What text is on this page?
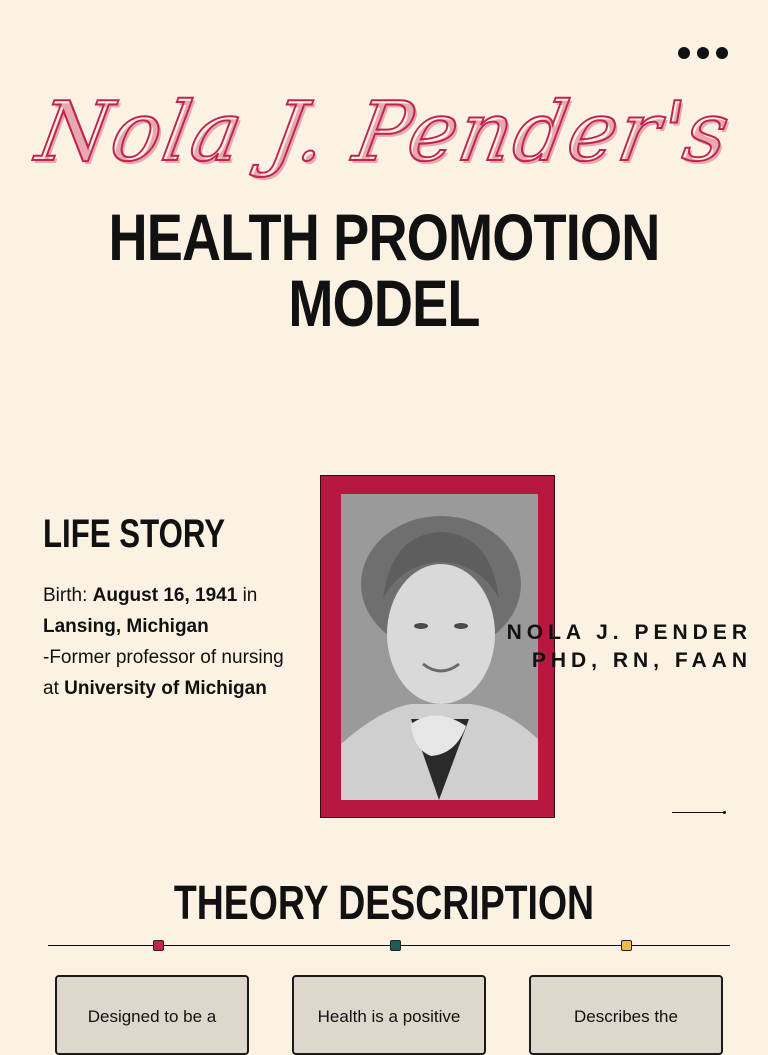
Nola J. Pender's
HEALTH PROMOTION MODEL
LIFE STORY
Birth: August 16, 1941 in
Lansing, Michigan
-Former professor of nursing at University of Michigan
NOLA J. PENDER
PHD, RN, FAAN
THEORY DESCRIPTION
Designed to be a	Health is a positive	Describes the
